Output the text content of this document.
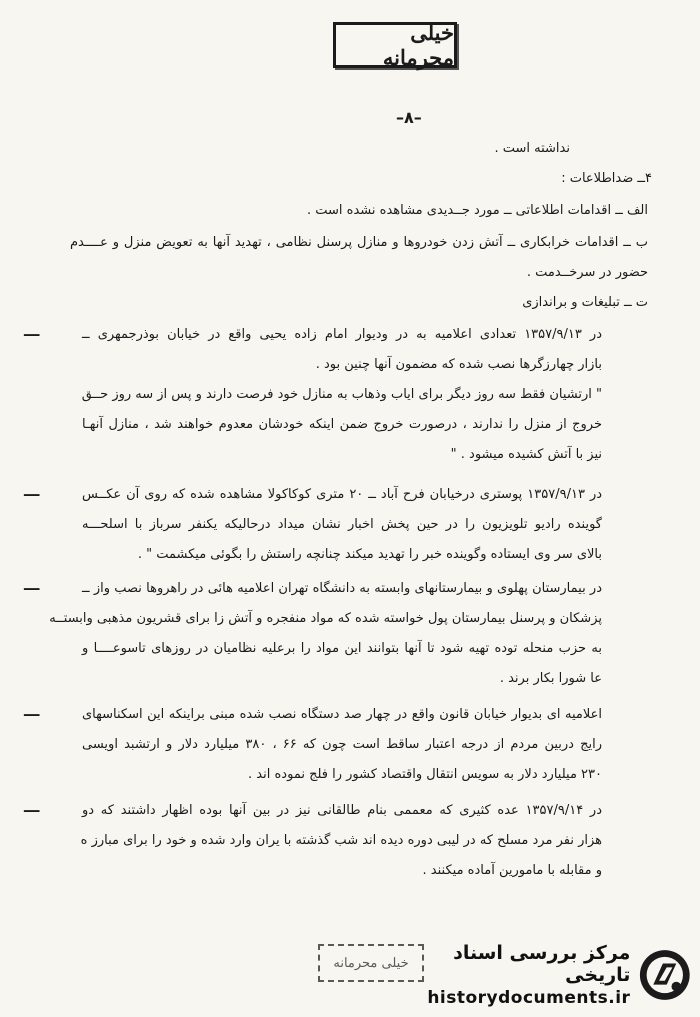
خیلی محرمانه
–۸–
نداشته است .
۴ــ ضداطلاعات :
الف ــ اقدامات اطلاعاتی ــ مورد جــدیدی مشاهده نشده است .
ب ــ اقدامات خرابکاری ــ آتش زدن خودروها و منازل پرسنل نظامی ، تهدید آنها به تعویض منزل و عــــدم
حضور در سرخــدمت .
ت ــ تبلیغات و براندازی
ـــ	در ۱۳۵۷/۹/۱۳ تعدادی اعلامیه به در ودیوار امام زاده یحیی واقع در خیابان بوذرجمهری ــ
بازار چهارزگرها نصب شده که مضمون آنها چنین بود .
" ارتشیان فقط سه روز دیگر برای ایاب وذهاب به منازل خود فرصت دارند و پس از سه روز حــق
خروج از منزل را ندارند ، درصورت خروج ضمن اینکه خودشان معدوم خواهند شد ، منازل آنهـا
نیز با آتش کشیده میشود . "
ـــ	در ۱۳۵۷/۹/۱۳ پوستری درخیابان فرح آباد ــ ۲۰ متری کوکاکولا مشاهده شده که روی آن عکــس
گوینده رادیو تلویزیون را در حین پخش اخبار نشان میداد درحالیکه یکنفر سرباز با اسلحـــه
بالای سر وی ایستاده وگوینده خبر را تهدید میکند چنانچه راستش را بگوئی میکشمت " .
ـــ	در بیمارستان پهلوی و بیمارستانهای وابسته به دانشگاه تهران اعلامیه هائی در راهروها نصب واز ــ
پزشکان و پرسنل بیمارستان پول خواسته شده که مواد منفجره و آتش زا برای قشریون مذهبی وابستــه
به حزب منحله توده تهیه شود تا آنها بتوانند این مواد را برعلیه نظامیان در روزهای تاسوعــــا و
عا شورا بکار برند .
ـــ	اعلامیه ای بدیوار خیابان قانون واقع در چهار صد دستگاه نصب شده مبنی براینکه این اسکناسهای
رایج دربین مردم از درجه اعتبار ساقط است چون که ۶۶ ، ۳۸۰ میلیارد دلار و ارتشبد اویسی
۲۳۰ میلیارد دلار به سویس انتقال واقتصاد کشور را فلج نموده اند .
ـــ	در ۱۳۵۷/۹/۱۴ عده کثیری که معممی بنام طالقانی نیز در بین آنها بوده اظهار داشتند که دو
هزار نفر مرد مسلح که در لیبی دوره دیده اند شب گذشته با یران وارد شده و خود را برای مبارز ه
و مقابله با مامورین آماده میکنند .
خیلی محرمانه	مرکز بررسی اسناد تاریخی
historydocuments.ir
